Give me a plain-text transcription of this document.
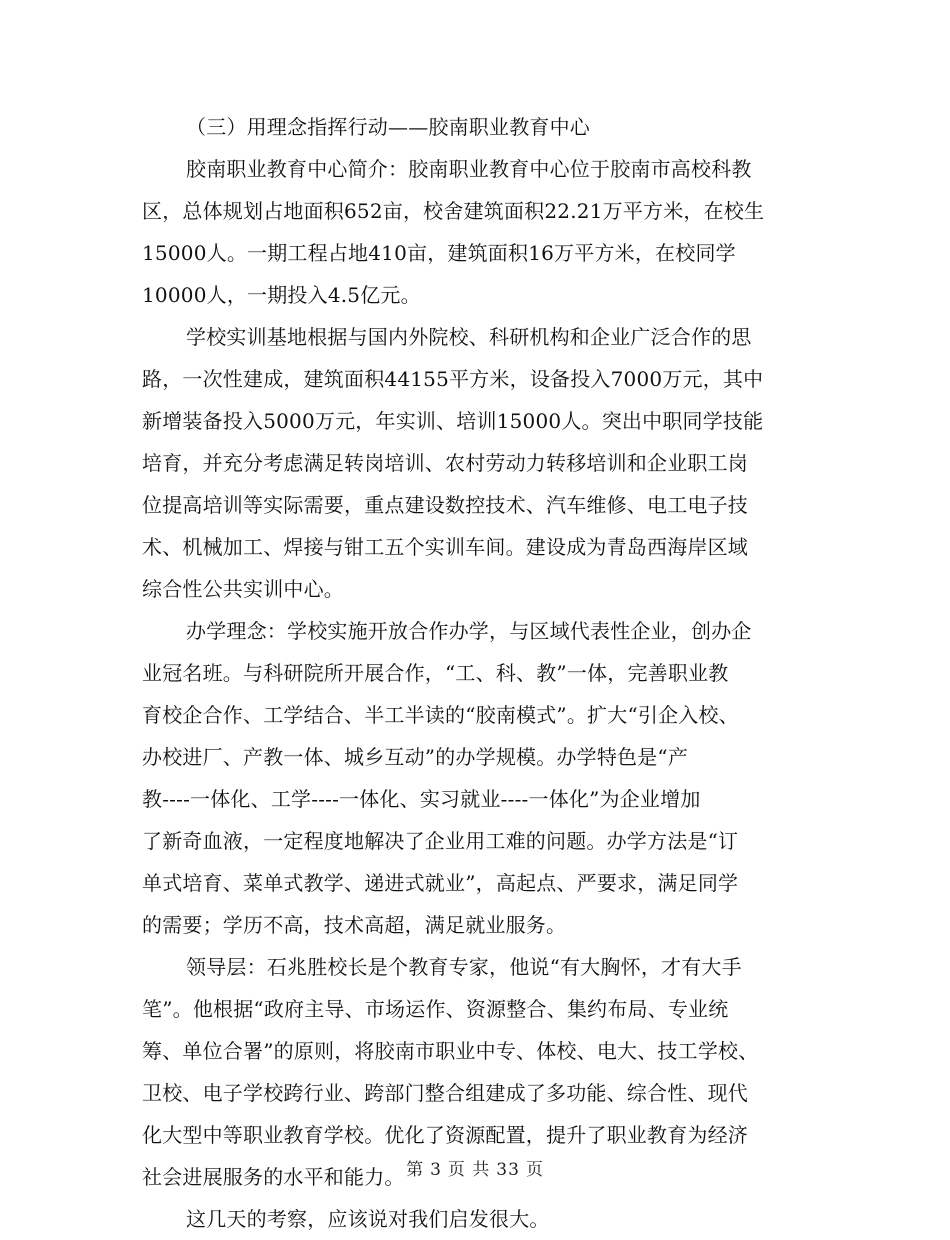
（三）用理念指挥行动——胶南职业教育中心

胶南职业教育中心简介：胶南职业教育中心位于胶南市高校科教
区，总体规划占地面积652亩，校舍建筑面积22.21万平方米，在校生
15000人。一期工程占地410亩，建筑面积16万平方米，在校同学
10000人，一期投入4.5亿元。

学校实训基地根据与国内外院校、科研机构和企业广泛合作的思
路，一次性建成，建筑面积44155平方米，设备投入7000万元，其中
新增装备投入5000万元，年实训、培训15000人。突出中职同学技能
培育，并充分考虑满足转岗培训、农村劳动力转移培训和企业职工岗
位提高培训等实际需要，重点建设数控技术、汽车维修、电工电子技
术、机械加工、焊接与钳工五个实训车间。建设成为青岛西海岸区域
综合性公共实训中心。

办学理念：学校实施开放合作办学，与区域代表性企业，创办企
业冠名班。与科研院所开展合作，“工、科、教”一体，完善职业教
育校企合作、工学结合、半工半读的“胶南模式”。扩大“引企入校、
办校进厂、产教一体、城乡互动”的办学规模。办学特色是“产
教----一体化、工学----一体化、实习就业----一体化”为企业增加
了新奇血液，一定程度地解决了企业用工难的问题。办学方法是“订
单式培育、菜单式教学、递进式就业”，高起点、严要求，满足同学
的需要；学历不高，技术高超，满足就业服务。

领导层：石兆胜校长是个教育专家，他说“有大胸怀，才有大手
笔”。他根据“政府主导、市场运作、资源整合、集约布局、专业统
筹、单位合署”的原则，将胶南市职业中专、体校、电大、技工学校、
卫校、电子学校跨行业、跨部门整合组建成了多功能、综合性、现代
化大型中等职业教育学校。优化了资源配置，提升了职业教育为经济
社会进展服务的水平和能力。

这几天的考察，应该说对我们启发很大。

第 3 页 共 33 页
